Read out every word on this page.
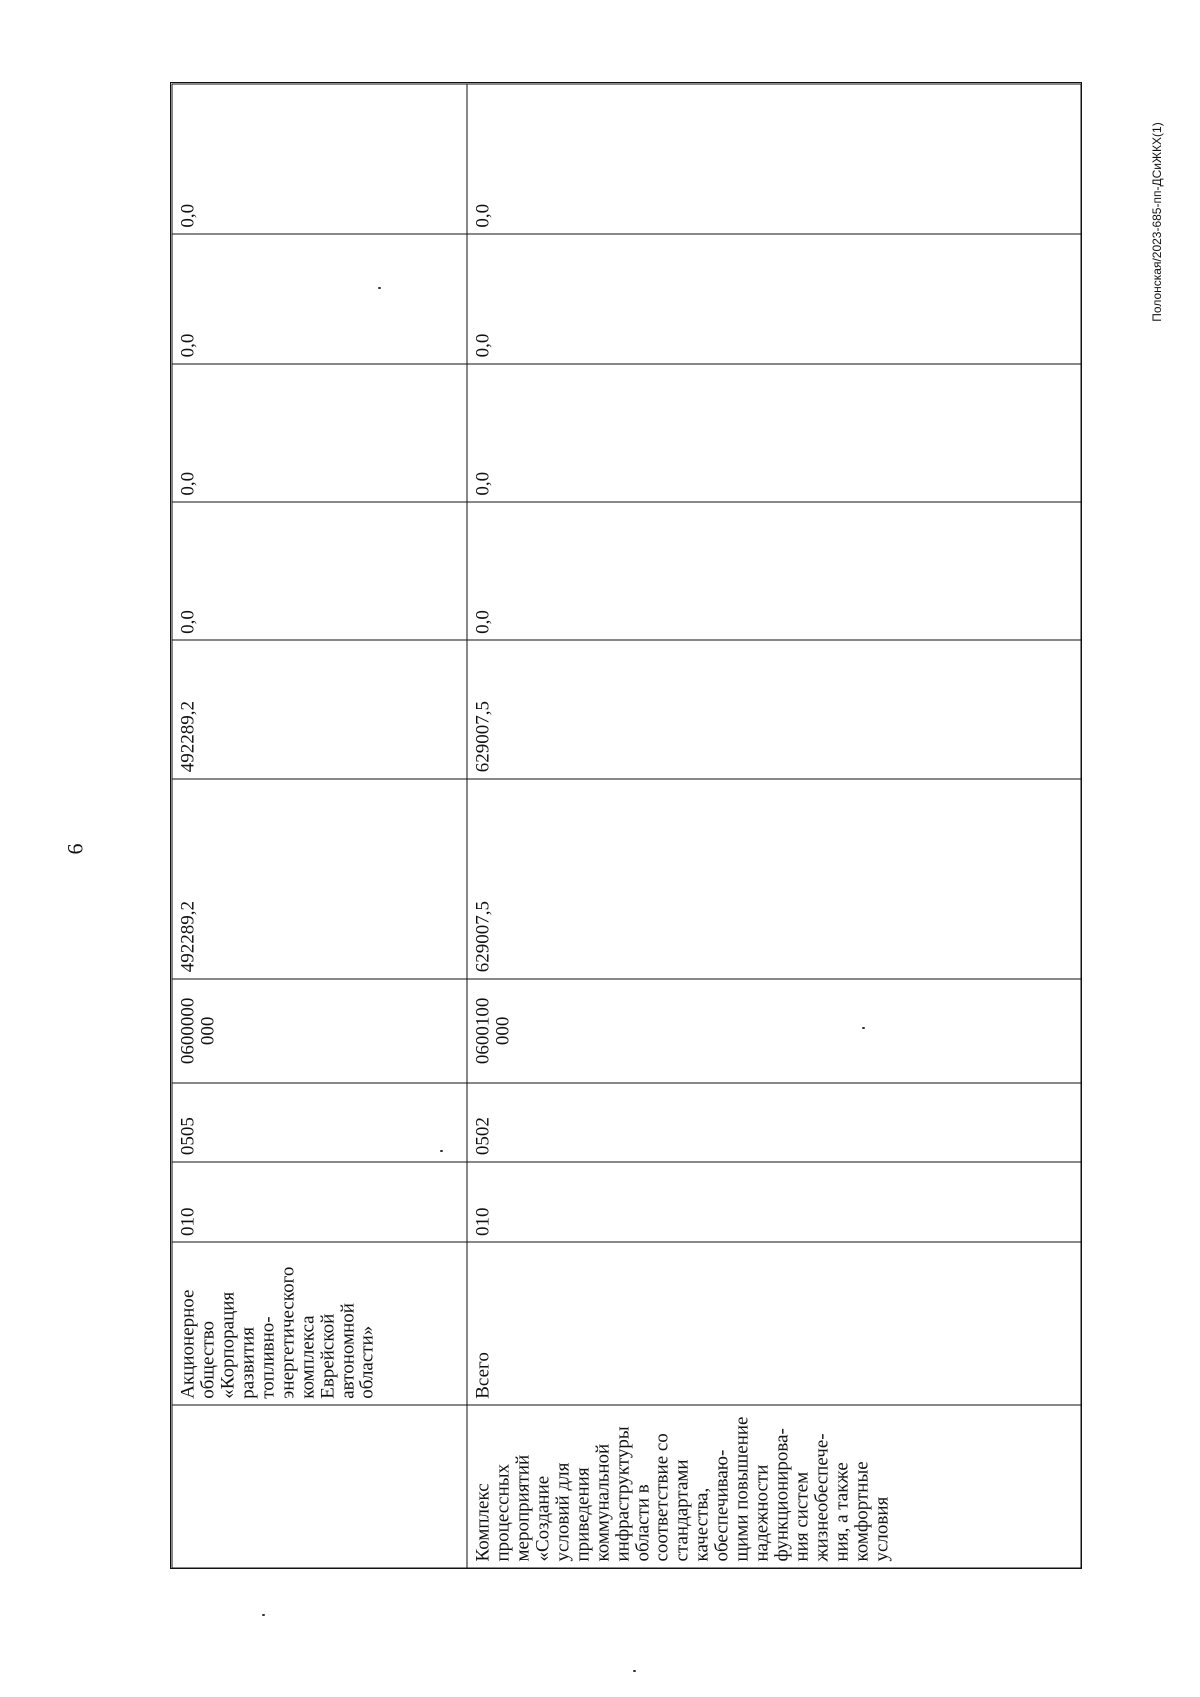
6
Полонская/2023-685-пп-ДСиЖКХ(1)
	Акционерное общество «Корпорация развития топливно-энергетического комплекса Еврейской автономной области»	010	0505	0600000 000	492289,2	492289,2	0,0	0,0	0,0	0,0
Комплекс процессных мероприятий «Создание условий для приведения коммунальной инфраструктуры области в соответствие со стандартами качества, обеспечиваю-щими повышение надежности функционирова-ния систем жизнеобеспече-ния, а также комфортные условия	Всего	010	0502	0600100 000	629007,5	629007,5	0,0	0,0	0,0	0,0
